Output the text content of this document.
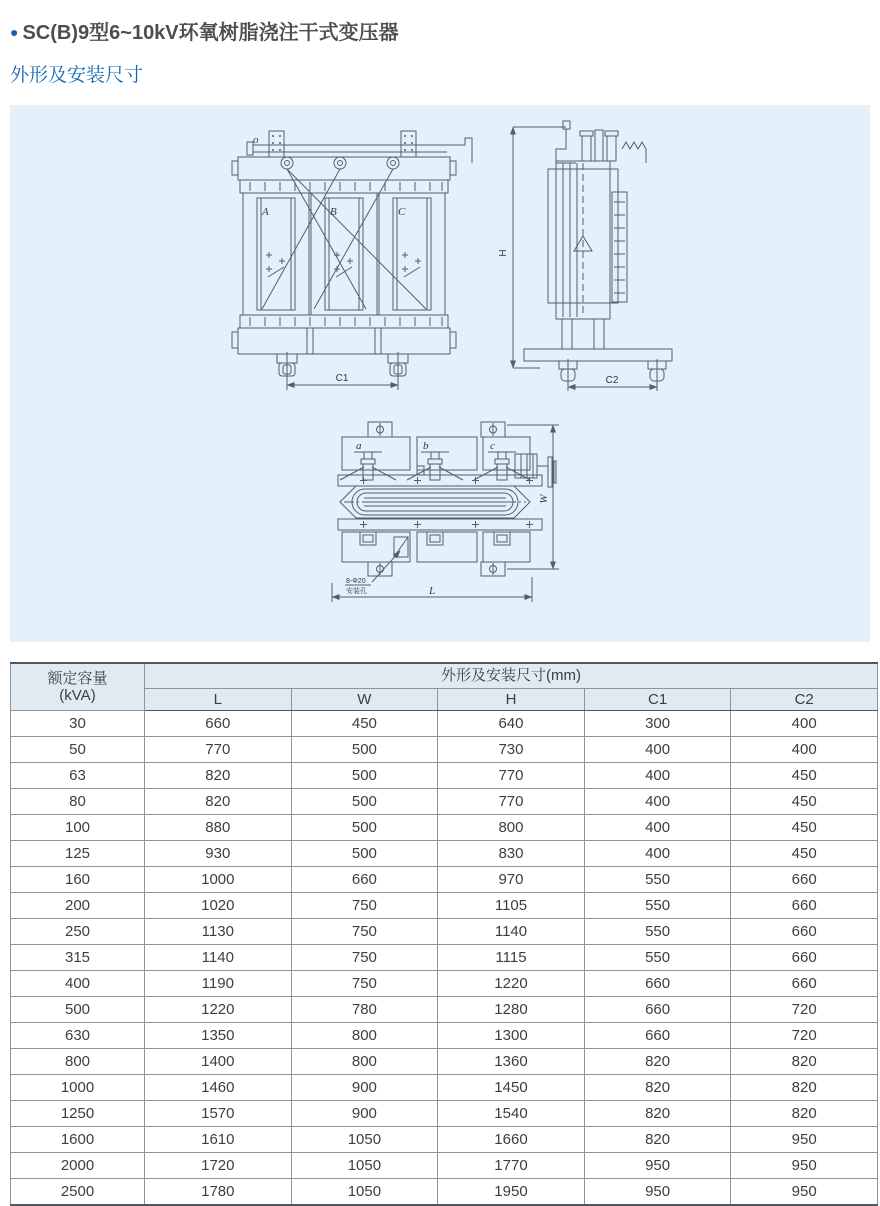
● SC(B)9型6~10kV环氧树脂浇注干式变压器
外形及安装尺寸
o
A	B	C
C1
H
C2
a	b	c
W
L
8-Φ20
安装孔
额定容量
(kVA)	外形及安装尺寸(mm)				
	L	W	H	C1	C2
30	660	450	640	300	400
50	770	500	730	400	400
63	820	500	770	400	450
80	820	500	770	400	450
100	880	500	800	400	450
125	930	500	830	400	450
160	1000	660	970	550	660
200	1020	750	1105	550	660
250	1130	750	1140	550	660
315	1140	750	1115	550	660
400	1190	750	1220	660	660
500	1220	780	1280	660	720
630	1350	800	1300	660	720
800	1400	800	1360	820	820
1000	1460	900	1450	820	820
1250	1570	900	1540	820	820
1600	1610	1050	1660	820	950
2000	1720	1050	1770	950	950
2500	1780	1050	1950	950	950
